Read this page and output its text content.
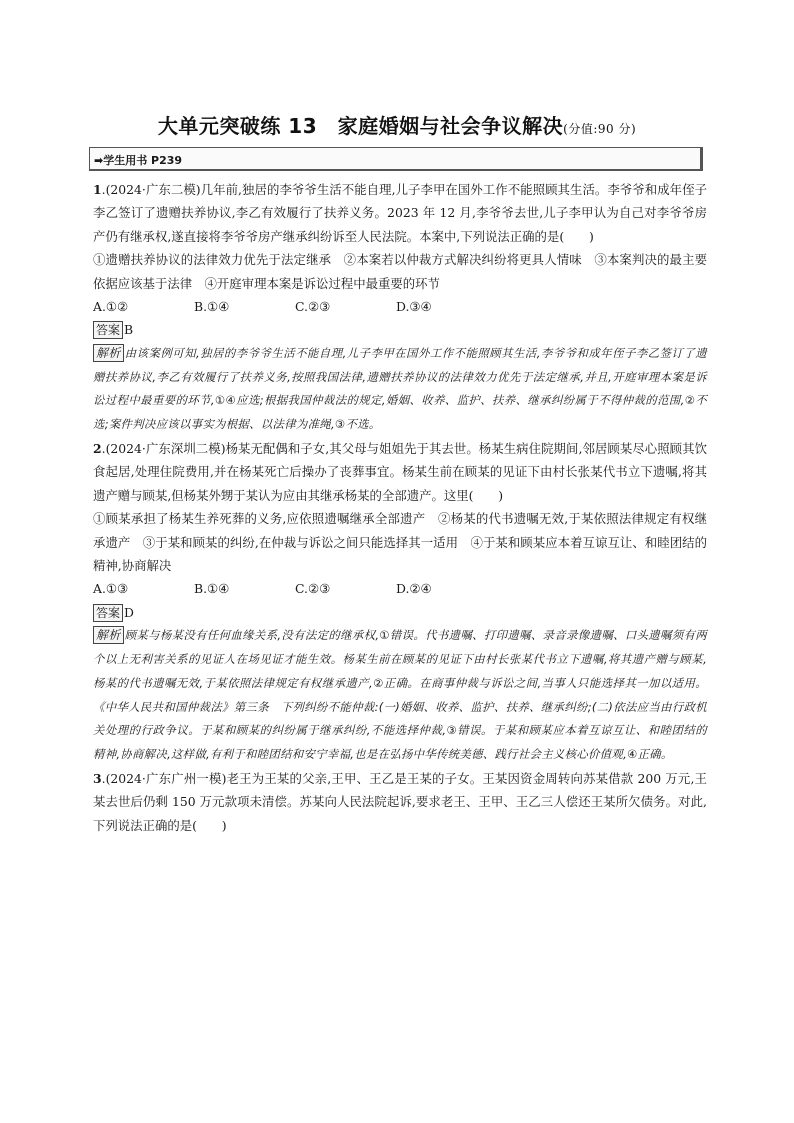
大单元突破练 13　家庭婚姻与社会争议解决(分值:90 分)
➡学生用书 P239

1.(2024·广东二模)几年前,独居的李爷爷生活不能自理,儿子李甲在国外工作不能照顾其生活。李爷爷和成年侄子李乙签订了遗赠扶养协议,李乙有效履行了扶养义务。2023 年 12 月,李爷爷去世,儿子李甲认为自己对李爷爷房产仍有继承权,遂直接将李爷爷房产继承纠纷诉至人民法院。本案中,下列说法正确的是(　　)

①遗赠扶养协议的法律效力优先于法定继承　②本案若以仲裁方式解决纠纷将更具人情味　③本案判决的最主要依据应该基于法律　④开庭审理本案是诉讼过程中最重要的环节

A.①②	B.①④	C.②③	D.③④

答案 B

解析 由该案例可知,独居的李爷爷生活不能自理,儿子李甲在国外工作不能照顾其生活,李爷爷和成年侄子李乙签订了遗赠扶养协议,李乙有效履行了扶养义务,按照我国法律,遗赠扶养协议的法律效力优先于法定继承,并且,开庭审理本案是诉讼过程中最重要的环节,①④应选;根据我国仲裁法的规定,婚姻、收养、监护、扶养、继承纠纷属于不得仲裁的范围,②不选;案件判决应该以事实为根据、以法律为准绳,③不选。

2.(2024·广东深圳二模)杨某无配偶和子女,其父母与姐姐先于其去世。杨某生病住院期间,邻居顾某尽心照顾其饮食起居,处理住院费用,并在杨某死亡后操办了丧葬事宜。杨某生前在顾某的见证下由村长张某代书立下遗嘱,将其遗产赠与顾某,但杨某外甥于某认为应由其继承杨某的全部遗产。这里(　　)

①顾某承担了杨某生养死葬的义务,应依照遗嘱继承全部遗产　②杨某的代书遗嘱无效,于某依照法律规定有权继承遗产　③于某和顾某的纠纷,在仲裁与诉讼之间只能选择其一适用　④于某和顾某应本着互谅互让、和睦团结的精神,协商解决

A.①③	B.①④	C.②③	D.②④

答案 D

解析 顾某与杨某没有任何血缘关系,没有法定的继承权,①错误。代书遗嘱、打印遗嘱、录音录像遗嘱、口头遗嘱须有两个以上无利害关系的见证人在场见证才能生效。杨某生前在顾某的见证下由村长张某代书立下遗嘱,将其遗产赠与顾某,杨某的代书遗嘱无效,于某依照法律规定有权继承遗产,②正确。在商事仲裁与诉讼之间,当事人只能选择其一加以适用。《中华人民共和国仲裁法》第三条　下列纠纷不能仲裁:(一)婚姻、收养、监护、扶养、继承纠纷;(二)依法应当由行政机关处理的行政争议。于某和顾某的纠纷属于继承纠纷,不能选择仲裁,③错误。于某和顾某应本着互谅互让、和睦团结的精神,协商解决,这样做,有利于和睦团结和安宁幸福,也是在弘扬中华传统美德、践行社会主义核心价值观,④正确。

3.(2024·广东广州一模)老王为王某的父亲,王甲、王乙是王某的子女。王某因资金周转向苏某借款 200 万元,王某去世后仍剩 150 万元款项未清偿。苏某向人民法院起诉,要求老王、王甲、王乙三人偿还王某所欠债务。对此,下列说法正确的是(　　)
